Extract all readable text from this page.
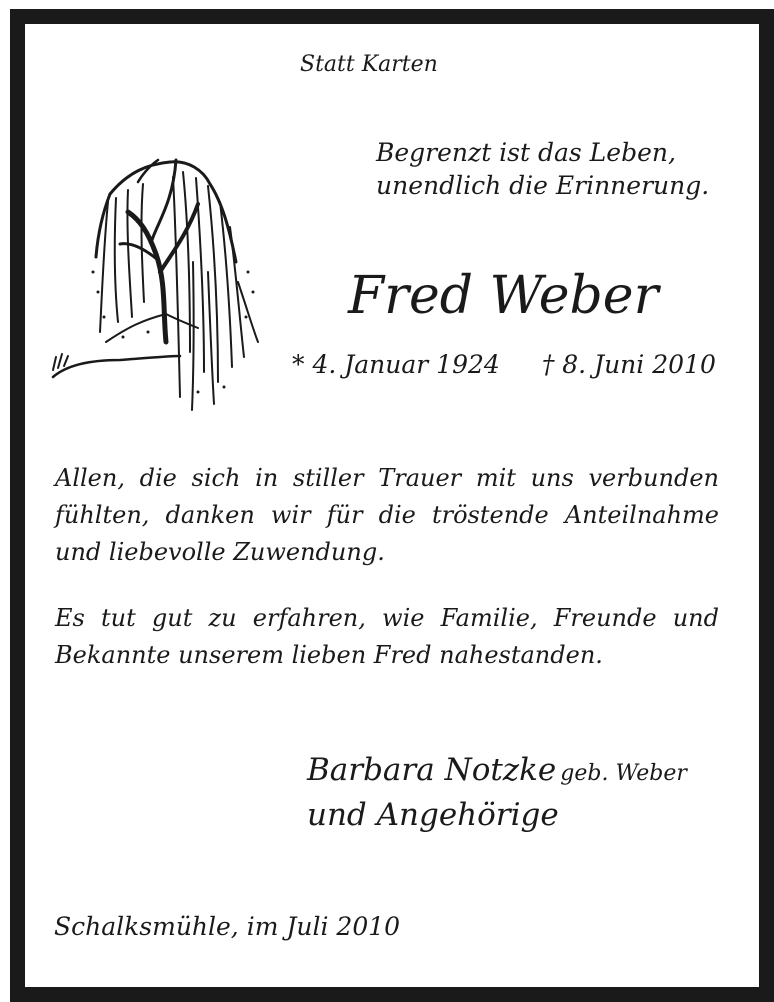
Statt Karten
Begrenzt ist das Leben,
unendlich die Erinnerung.
Fred Weber
* 4. Januar 1924 † 8. Juni 2010
Allen, die sich in stiller Trauer mit uns verbunden fühlten, danken wir für die tröstende Anteilnahme und liebevolle Zuwendung.
Es tut gut zu erfahren, wie Familie, Freunde und Bekannte unserem lieben Fred nahestanden.
Barbara Notzke geb. Weber
und Angehörige
Schalksmühle, im Juli 2010
